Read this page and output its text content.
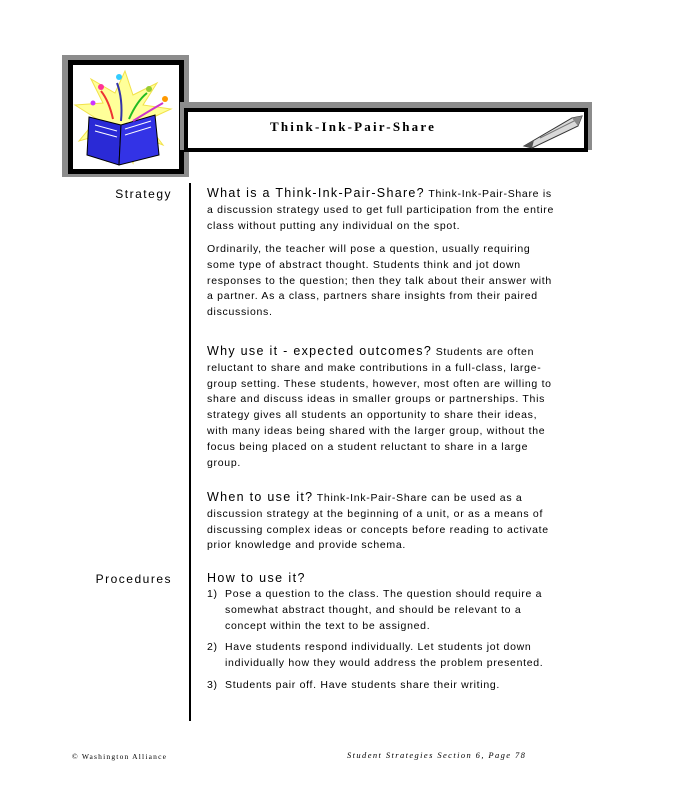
Think-Ink-Pair-Share
Strategy
Procedures

What is a Think-Ink-Pair-Share? Think-Ink-Pair-Share is a discussion strategy used to get full participation from the entire class without putting any individual on the spot.

Ordinarily, the teacher will pose a question, usually requiring some type of abstract thought. Students think and jot down responses to the question; then they talk about their answer with a partner. As a class, partners share insights from their paired discussions.

Why use it - expected outcomes? Students are often reluctant to share and make contributions in a full-class, large-group setting. These students, however, most often are willing to share and discuss ideas in smaller groups or partnerships. This strategy gives all students an opportunity to share their ideas, with many ideas being shared with the larger group, without the focus being placed on a student reluctant to share in a large group.

When to use it? Think-Ink-Pair-Share can be used as a discussion strategy at the beginning of a unit, or as a means of discussing complex ideas or concepts before reading to activate prior knowledge and provide schema.

How to use it?
1) Pose a question to the class. The question should require a somewhat abstract thought, and should be relevant to a concept within the text to be assigned.
2) Have students respond individually. Let students jot down individually how they would address the problem presented.
3) Students pair off. Have students share their writing.
© Washington Alliance	Student Strategies Section 6, Page 78
